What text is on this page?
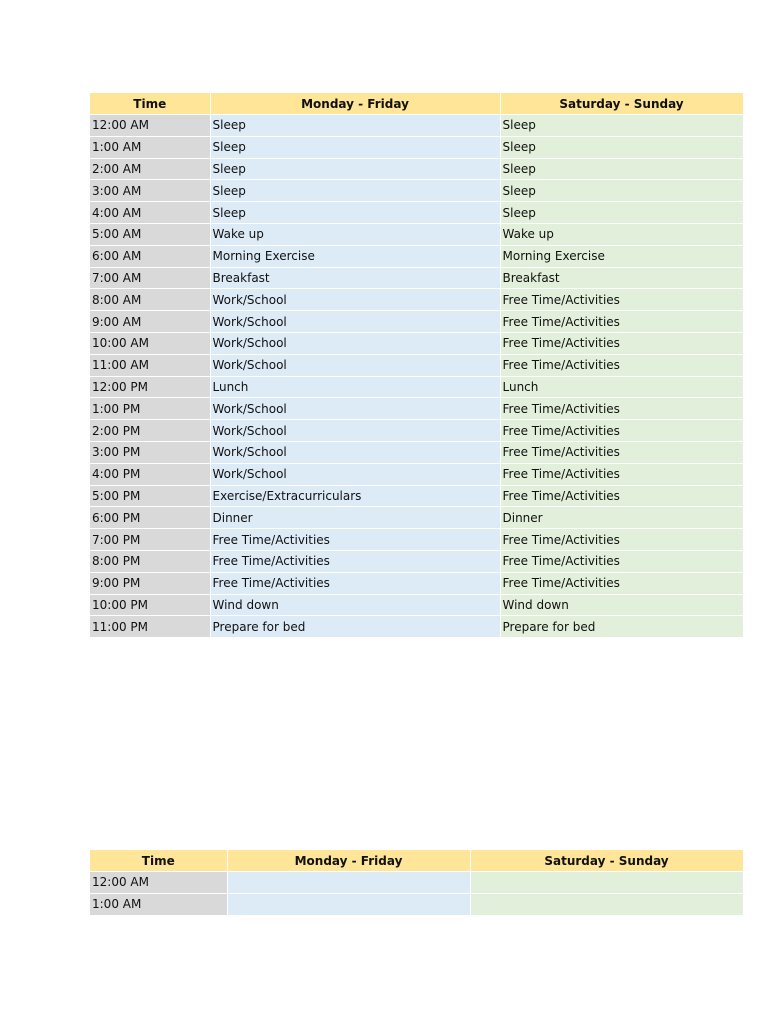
Time	Monday - Friday	Saturday - Sunday
12:00 AM	Sleep	Sleep
1:00 AM	Sleep	Sleep
2:00 AM	Sleep	Sleep
3:00 AM	Sleep	Sleep
4:00 AM	Sleep	Sleep
5:00 AM	Wake up	Wake up
6:00 AM	Morning Exercise	Morning Exercise
7:00 AM	Breakfast	Breakfast
8:00 AM	Work/School	Free Time/Activities
9:00 AM	Work/School	Free Time/Activities
10:00 AM	Work/School	Free Time/Activities
11:00 AM	Work/School	Free Time/Activities
12:00 PM	Lunch	Lunch
1:00 PM	Work/School	Free Time/Activities
2:00 PM	Work/School	Free Time/Activities
3:00 PM	Work/School	Free Time/Activities
4:00 PM	Work/School	Free Time/Activities
5:00 PM	Exercise/Extracurriculars	Free Time/Activities
6:00 PM	Dinner	Dinner
7:00 PM	Free Time/Activities	Free Time/Activities
8:00 PM	Free Time/Activities	Free Time/Activities
9:00 PM	Free Time/Activities	Free Time/Activities
10:00 PM	Wind down	Wind down
11:00 PM	Prepare for bed	Prepare for bed
Time	Monday - Friday	Saturday - Sunday
12:00 AM		
1:00 AM		
